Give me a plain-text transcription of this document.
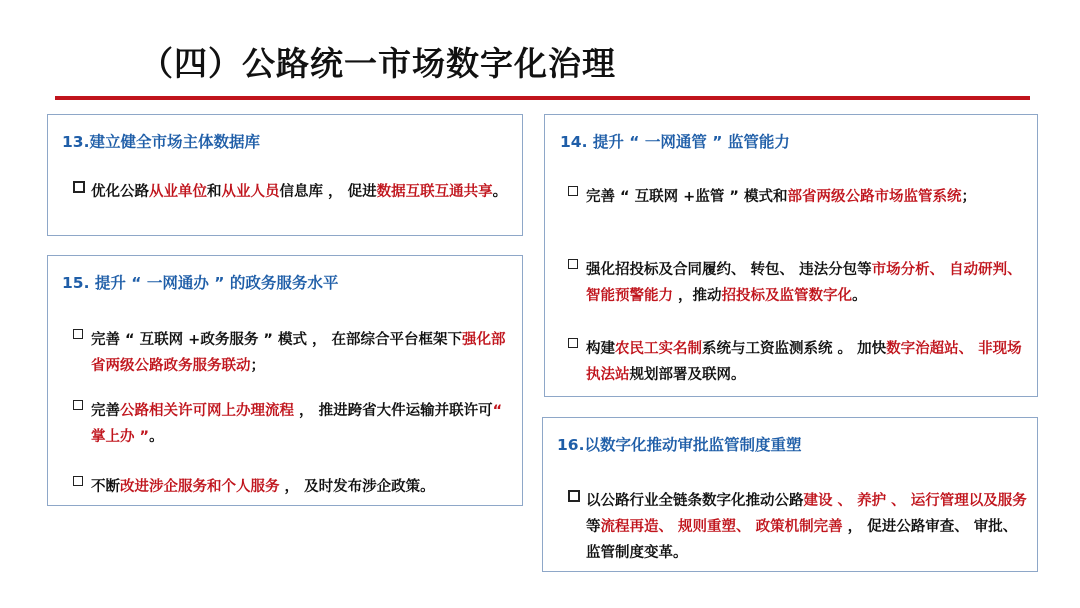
（四）公路统一市场数字化治理
13.建立健全市场主体数据库
优化公路从业单位和从业人员信息库 ， 促进数据互联互通共享。
15. 提升 “ 一网通办 ” 的政务服务水平
完善 “ 互联网 +政务服务 ” 模式 ， 在部综合平台框架下强化部省两级公路政务服务联动；
完善公路相关许可网上办理流程 ， 推进跨省大件运输并联许可“ 掌上办 ”。
不断改进涉企服务和个人服务 ， 及时发布涉企政策。
14. 提升 “ 一网通管 ” 监管能力
完善 “ 互联网 +监管 ” 模式和部省两级公路市场监管系统；
强化招投标及合同履约、 转包、 违法分包等市场分析、 自动研判、 智能预警能力 ，推动招投标及监管数字化。
构建农民工实名制系统与工资监测系统 。 加快数字治超站、 非现场执法站规划部署及联网。
16.以数字化推动审批监管制度重塑
以公路行业全链条数字化推动公路建设 、 养护 、 运行管理以及服务等流程再造、 规则重塑、 政策机制完善 ， 促进公路审查、 审批、 监管制度变革。
